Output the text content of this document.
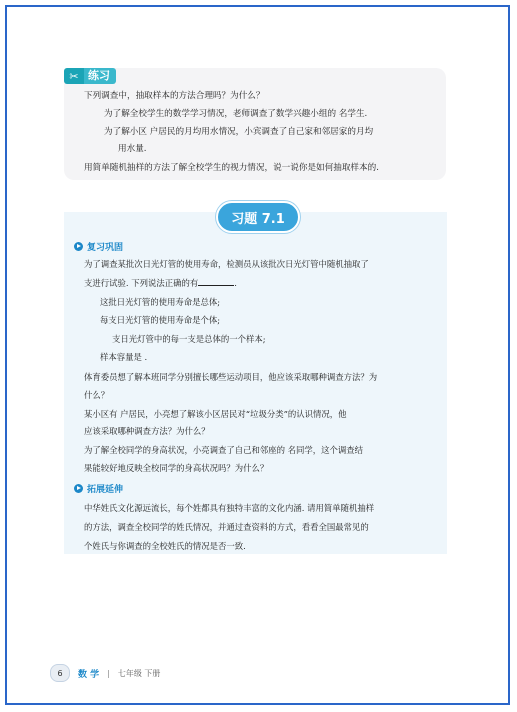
✂ 练习
下列调查中，抽取样本的方法合理吗？为什么？
为了解全校学生的数学学习情况，老师调查了数学兴趣小组的 名学生.
为了解小区 户居民的月均用水情况，小宾调查了自己家和邻居家的月均
用水量.
用简单随机抽样的方法了解全校学生的视力情况，说一说你是如何抽取样本的.
习题 7.1
复习巩固
为了调查某批次日光灯管的使用寿命，检测员从该批次日光灯管中随机抽取了
支进行试验. 下列说法正确的有	.
这批日光灯管的使用寿命是总体;
每支日光灯管的使用寿命是个体;
支日光灯管中的每一支是总体的一个样本;
样本容量是 .
体育委员想了解本班同学分别擅长哪些运动项目，他应该采取哪种调查方法？为
什么？
某小区有 户居民，小亮想了解该小区居民对“垃圾分类”的认识情况，他
应该采取哪种调查方法？为什么？
为了解全校同学的身高状况，小亮调查了自己和邻座的 名同学，这个调查结
果能较好地反映全校同学的身高状况吗？为什么？
拓展延伸
中华姓氏文化源远流长，每个姓都具有独特丰富的文化内涵. 请用简单随机抽样
的方法，调查全校同学的姓氏情况，并通过查资料的方式，看看全国最常见的
个姓氏与你调查的全校姓氏的情况是否一致.
6	数 学 | 七年级 下册
